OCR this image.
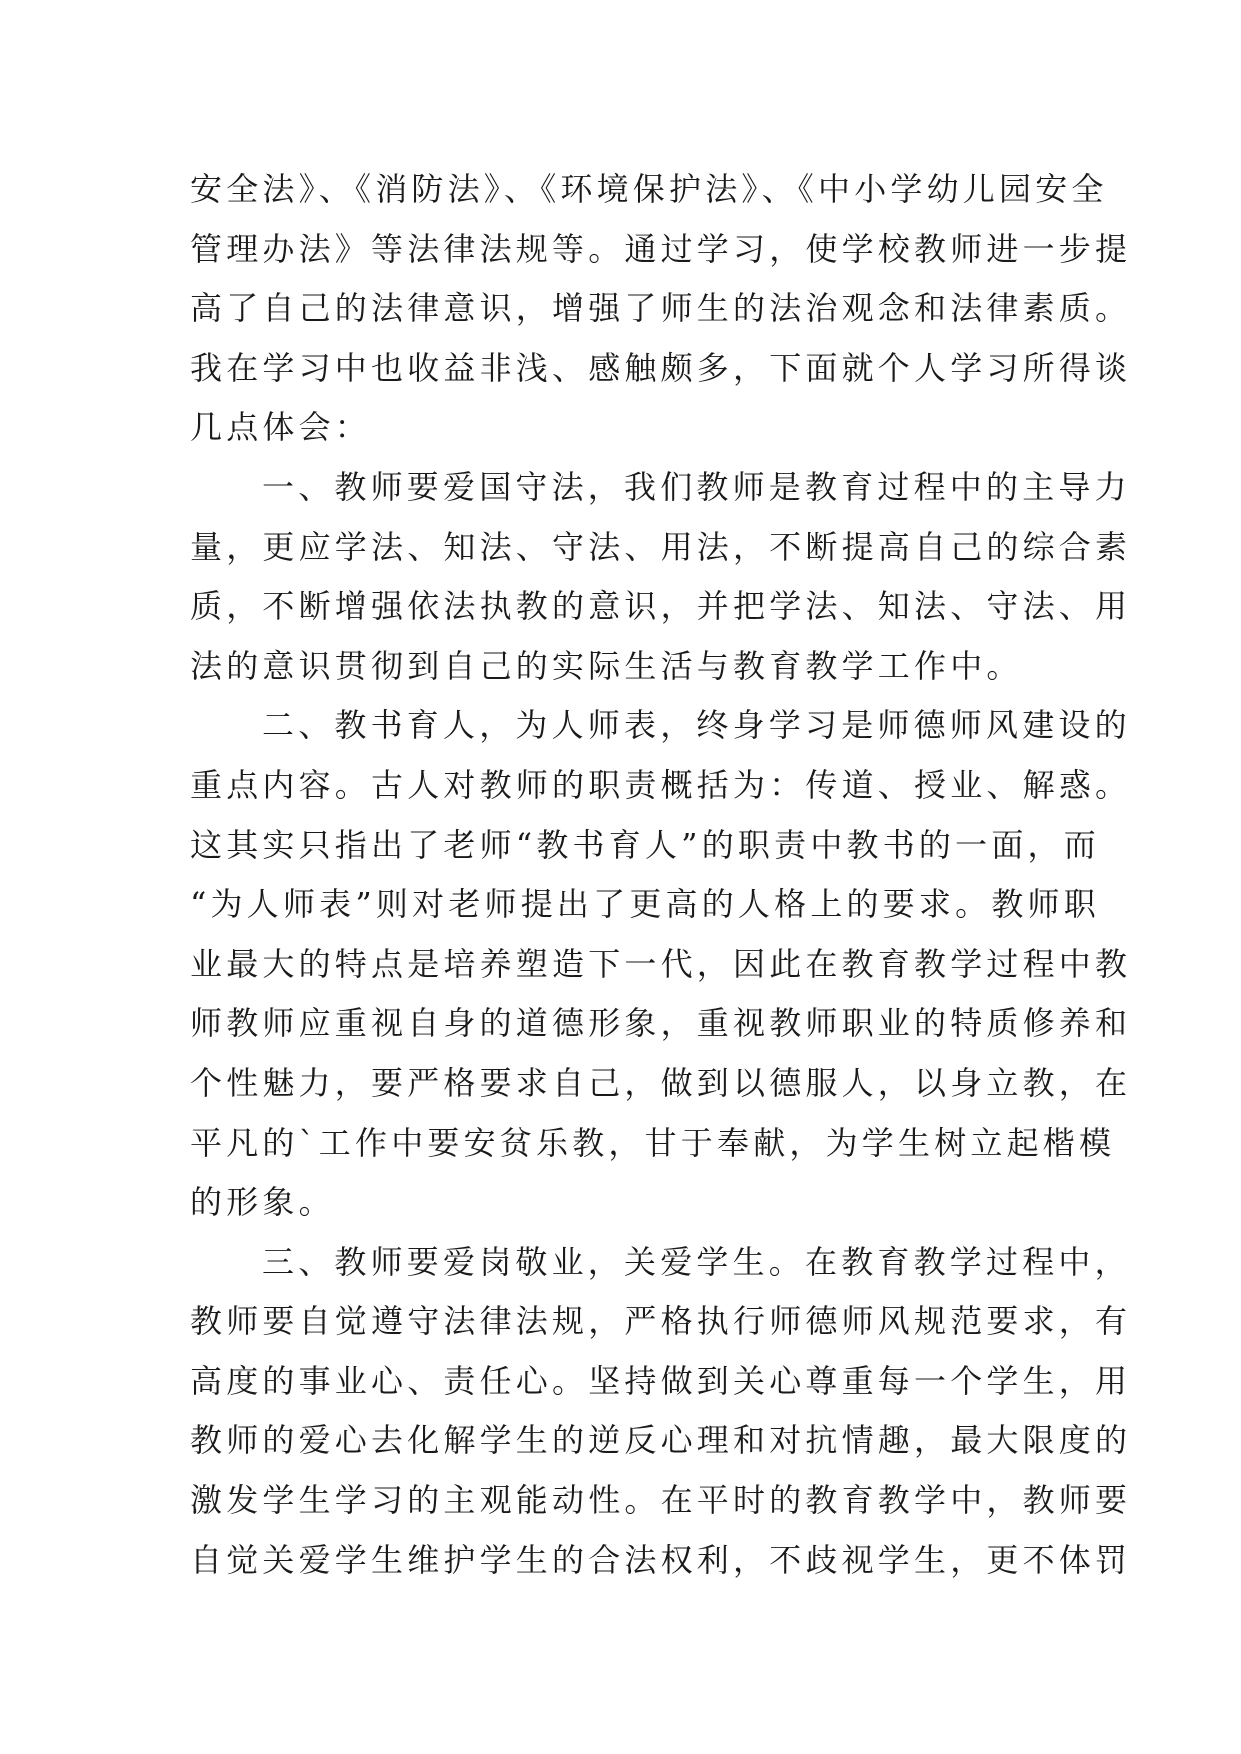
安全法》、《消防法》、《环境保护法》、《中小学幼儿园安全
管理办法》等法律法规等。通过学习，使学校教师进一步提
高了自己的法律意识，增强了师生的法治观念和法律素质。
我在学习中也收益非浅、感触颇多，下面就个人学习所得谈
几点体会：
一、教师要爱国守法，我们教师是教育过程中的主导力
量，更应学法、知法、守法、用法，不断提高自己的综合素
质，不断增强依法执教的意识，并把学法、知法、守法、用
法的意识贯彻到自己的实际生活与教育教学工作中。
二、教书育人，为人师表，终身学习是师德师风建设的
重点内容。古人对教师的职责概括为：传道、授业、解惑。
这其实只指出了老师“教书育人”的职责中教书的一面，而
“为人师表”则对老师提出了更高的人格上的要求。教师职
业最大的特点是培养塑造下一代，因此在教育教学过程中教
师教师应重视自身的道德形象，重视教师职业的特质修养和
个性魅力，要严格要求自己，做到以德服人，以身立教，在
平凡的`工作中要安贫乐教，甘于奉献，为学生树立起楷模
的形象。
三、教师要爱岗敬业，关爱学生。在教育教学过程中，
教师要自觉遵守法律法规，严格执行师德师风规范要求，有
高度的事业心、责任心。坚持做到关心尊重每一个学生，用
教师的爱心去化解学生的逆反心理和对抗情趣，最大限度的
激发学生学习的主观能动性。在平时的教育教学中，教师要
自觉关爱学生维护学生的合法权利，不歧视学生，更不体罚
